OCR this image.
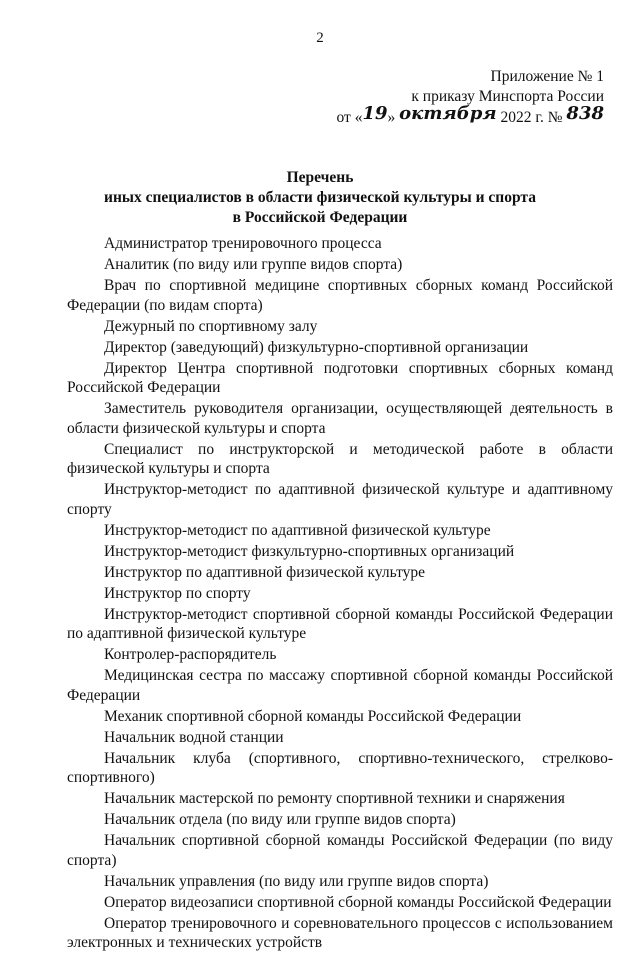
2
Приложение № 1
к приказу Минспорта России
от «19» октября 2022 г. № 838
Перечень
иных специалистов в области физической культуры и спорта
в Российской Федерации
Администратор тренировочного процесса
Аналитик (по виду или группе видов спорта)
Врач по спортивной медицине спортивных сборных команд Российской Федерации (по видам спорта)
Дежурный по спортивному залу
Директор (заведующий) физкультурно-спортивной организации
Директор Центра спортивной подготовки спортивных сборных команд Российской Федерации
Заместитель руководителя организации, осуществляющей деятельность в области физической культуры и спорта
Специалист по инструкторской и методической работе в области физической культуры и спорта
Инструктор-методист по адаптивной физической культуре и адаптивному спорту
Инструктор-методист по адаптивной физической культуре
Инструктор-методист физкультурно-спортивных организаций
Инструктор по адаптивной физической культуре
Инструктор по спорту
Инструктор-методист спортивной сборной команды Российской Федерации по адаптивной физической культуре
Контролер-распорядитель
Медицинская сестра по массажу спортивной сборной команды Российской Федерации
Механик спортивной сборной команды Российской Федерации
Начальник водной станции
Начальник клуба (спортивного, спортивно-технического, стрелково-спортивного)
Начальник мастерской по ремонту спортивной техники и снаряжения
Начальник отдела (по виду или группе видов спорта)
Начальник спортивной сборной команды Российской Федерации (по виду спорта)
Начальник управления (по виду или группе видов спорта)
Оператор видеозаписи спортивной сборной команды Российской Федерации
Оператор тренировочного и соревновательного процессов с использованием электронных и технических устройств
